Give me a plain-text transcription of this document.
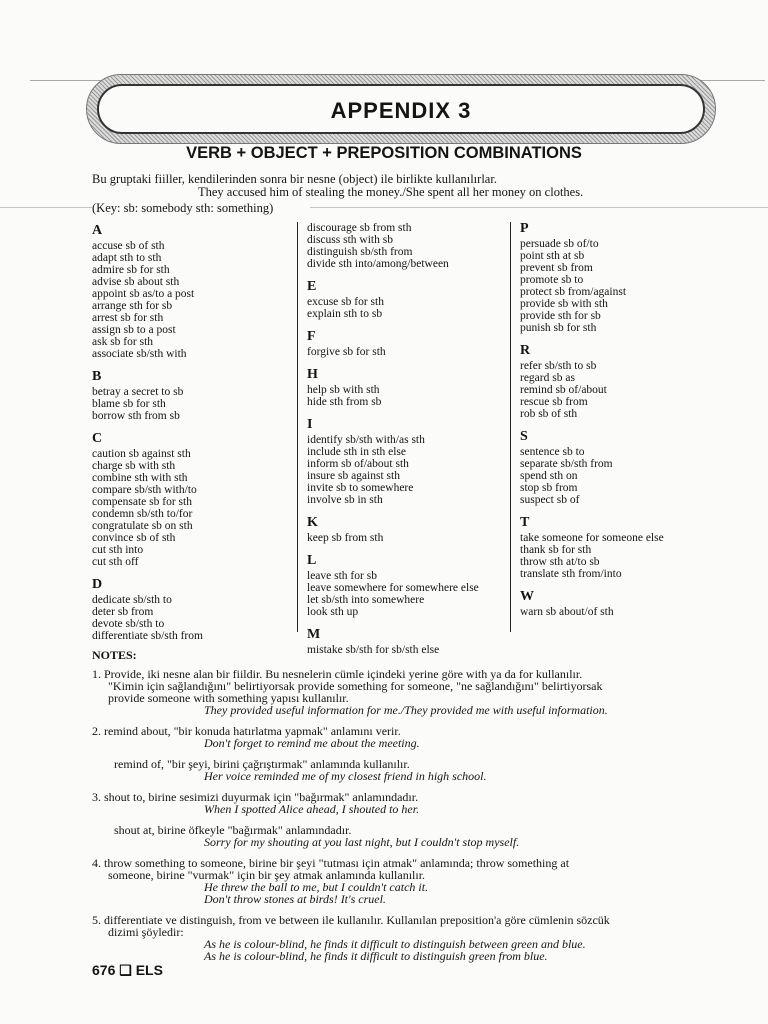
APPENDIX 3
VERB + OBJECT + PREPOSITION COMBINATIONS
Bu gruptaki fiiller, kendilerinden sonra bir nesne (object) ile birlikte kullanılırlar.
They accused him of stealing the money./She spent all her money on clothes.
(Key: sb: somebody sth: something)
A
accuse sb of sth
adapt sth to sth
admire sb for sth
advise sb about sth
appoint sb as/to a post
arrange sth for sb
arrest sb for sth
assign sb to a post
ask sb for sth
associate sb/sth with
B
betray a secret to sb
blame sb for sth
borrow sth from sb
C
caution sb against sth
charge sb with sth
combine sth with sth
compare sb/sth with/to
compensate sb for sth
condemn sb/sth to/for
congratulate sb on sth
convince sb of sth
cut sth into
cut sth off
D
dedicate sb/sth to
deter sb from
devote sb/sth to
differentiate sb/sth from
discourage sb from sth
discuss sth with sb
distinguish sb/sth from
divide sth into/among/between
E
excuse sb for sth
explain sth to sb
F
forgive sb for sth
H
help sb with sth
hide sth from sb
I
identify sb/sth with/as sth
include sth in sth else
inform sb of/about sth
insure sb against sth
invite sb to somewhere
involve sb in sth
K
keep sb from sth
L
leave sth for sb
leave somewhere for somewhere else
let sb/sth into somewhere
look sth up
M
mistake sb/sth for sb/sth else
P
persuade sb of/to
point sth at sb
prevent sb from
promote sb to
protect sb from/against
provide sb with sth
provide sth for sb
punish sb for sth
R
refer sb/sth to sb
regard sb as
remind sb of/about
rescue sb from
rob sb of sth
S
sentence sb to
separate sb/sth from
spend sth on
stop sb from
suspect sb of
T
take someone for someone else
thank sb for sth
throw sth at/to sb
translate sth from/into
W
warn sb about/of sth
NOTES:
1. Provide, iki nesne alan bir fiildir. Bu nesnelerin cümle içindeki yerine göre with ya da for kullanılır.
"Kimin için sağlandığını" belirtiyorsak provide something for someone, "ne sağlandığını" belirtiyorsak
provide someone with something yapısı kullanılır.
They provided useful information for me./They provided me with useful information.
2. remind about, "bir konuda hatırlatma yapmak" anlamını verir.
Don't forget to remind me about the meeting.
remind of, "bir şeyi, birini çağrıştırmak" anlamında kullanılır.
Her voice reminded me of my closest friend in high school.
3. shout to, birine sesimizi duyurmak için "bağırmak" anlamındadır.
When I spotted Alice ahead, I shouted to her.
shout at, birine öfkeyle "bağırmak" anlamındadır.
Sorry for my shouting at you last night, but I couldn't stop myself.
4. throw something to someone, birine bir şeyi "tutması için atmak" anlamında; throw something at
someone, birine "vurmak" için bir şey atmak anlamında kullanılır.
He threw the ball to me, but I couldn't catch it.
Don't throw stones at birds! It's cruel.
5. differentiate ve distinguish, from ve between ile kullanılır. Kullanılan preposition'a göre cümlenin sözcük
dizimi şöyledir:
As he is colour-blind, he finds it difficult to distinguish between green and blue.
As he is colour-blind, he finds it difficult to distinguish green from blue.
676 ❑ ELS
